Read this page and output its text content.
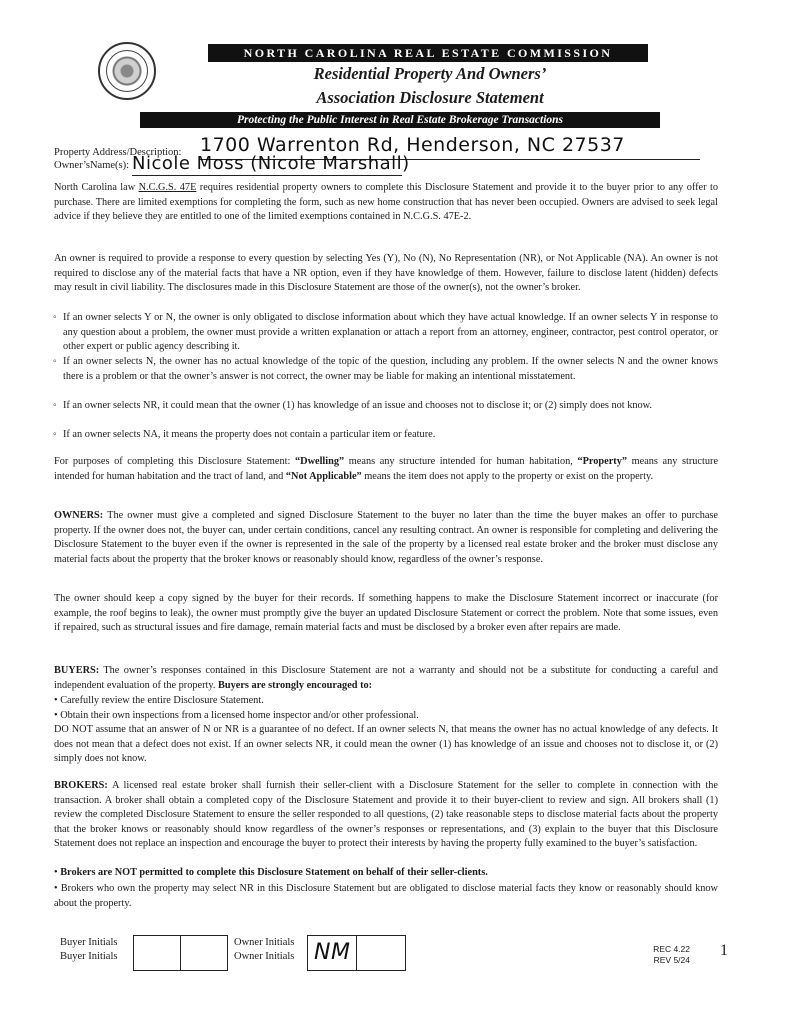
NORTH CAROLINA REAL ESTATE COMMISSION
Residential Property And Owners’
Association Disclosure Statement
Protecting the Public Interest in Real Estate Brokerage Transactions
Property Address/Description: 1700 Warrenton Rd, Henderson, NC 27537
Owner’sName(s): Nicole Moss (Nicole Marshall)

North Carolina law N.C.G.S. 47E requires residential property owners to complete this Disclosure Statement and provide it to the buyer prior to any offer to purchase. There are limited exemptions for completing the form, such as new home construction that has never been occupied. Owners are advised to seek legal advice if they believe they are entitled to one of the limited exemptions contained in N.C.G.S. 47E-2.

An owner is required to provide a response to every question by selecting Yes (Y), No (N), No Representation (NR), or Not Applicable (NA). An owner is not required to disclose any of the material facts that have a NR option, even if they have knowledge of them. However, failure to disclose latent (hidden) defects may result in civil liability. The disclosures made in this Disclosure Statement are those of the owner(s), not the owner’s broker.

◦ If an owner selects Y or N, the owner is only obligated to disclose information about which they have actual knowledge. If an owner selects Y in response to any question about a problem, the owner must provide a written explanation or attach a report from an attorney, engineer, contractor, pest control operator, or other expert or public agency describing it.
◦ If an owner selects N, the owner has no actual knowledge of the topic of the question, including any problem. If the owner selects N and the owner knows there is a problem or that the owner’s answer is not correct, the owner may be liable for making an intentional misstatement.
◦ If an owner selects NR, it could mean that the owner (1) has knowledge of an issue and chooses not to disclose it; or (2) simply does not know.
◦ If an owner selects NA, it means the property does not contain a particular item or feature.

For purposes of completing this Disclosure Statement: “Dwelling” means any structure intended for human habitation, “Property” means any structure intended for human habitation and the tract of land, and “Not Applicable” means the item does not apply to the property or exist on the property.

OWNERS: The owner must give a completed and signed Disclosure Statement to the buyer no later than the time the buyer makes an offer to purchase property. If the owner does not, the buyer can, under certain conditions, cancel any resulting contract. An owner is responsible for completing and delivering the Disclosure Statement to the buyer even if the owner is represented in the sale of the property by a licensed real estate broker and the broker must disclose any material facts about the property that the broker knows or reasonably should know, regardless of the owner’s response.

The owner should keep a copy signed by the buyer for their records. If something happens to make the Disclosure Statement incorrect or inaccurate (for example, the roof begins to leak), the owner must promptly give the buyer an updated Disclosure Statement or correct the problem. Note that some issues, even if repaired, such as structural issues and fire damage, remain material facts and must be disclosed by a broker even after repairs are made.

BUYERS: The owner’s responses contained in this Disclosure Statement are not a warranty and should not be a substitute for conducting a careful and independent evaluation of the property. Buyers are strongly encouraged to:

• Carefully review the entire Disclosure Statement.
• Obtain their own inspections from a licensed home inspector and/or other professional.

DO NOT assume that an answer of N or NR is a guarantee of no defect. If an owner selects N, that means the owner has no actual knowledge of any defects. It does not mean that a defect does not exist. If an owner selects NR, it could mean the owner (1) has knowledge of an issue and chooses not to disclose it, or (2) simply does not know.

BROKERS: A licensed real estate broker shall furnish their seller-client with a Disclosure Statement for the seller to complete in connection with the transaction. A broker shall obtain a completed copy of the Disclosure Statement and provide it to their buyer-client to review and sign. All brokers shall (1) review the completed Disclosure Statement to ensure the seller responded to all questions, (2) take reasonable steps to disclose material facts about the property that the broker knows or reasonably should know regardless of the owner’s responses or representations, and (3) explain to the buyer that this Disclosure Statement does not replace an inspection and encourage the buyer to protect their interests by having the property fully examined to the buyer’s satisfaction.

• Brokers are NOT permitted to complete this Disclosure Statement on behalf of their seller-clients.
• Brokers who own the property may select NR in this Disclosure Statement but are obligated to disclose material facts they know or reasonably should know about the property.
Buyer Initials
Buyer Initials
Owner Initials
Owner Initials NM	REC 4.22
REV 5/24
1
